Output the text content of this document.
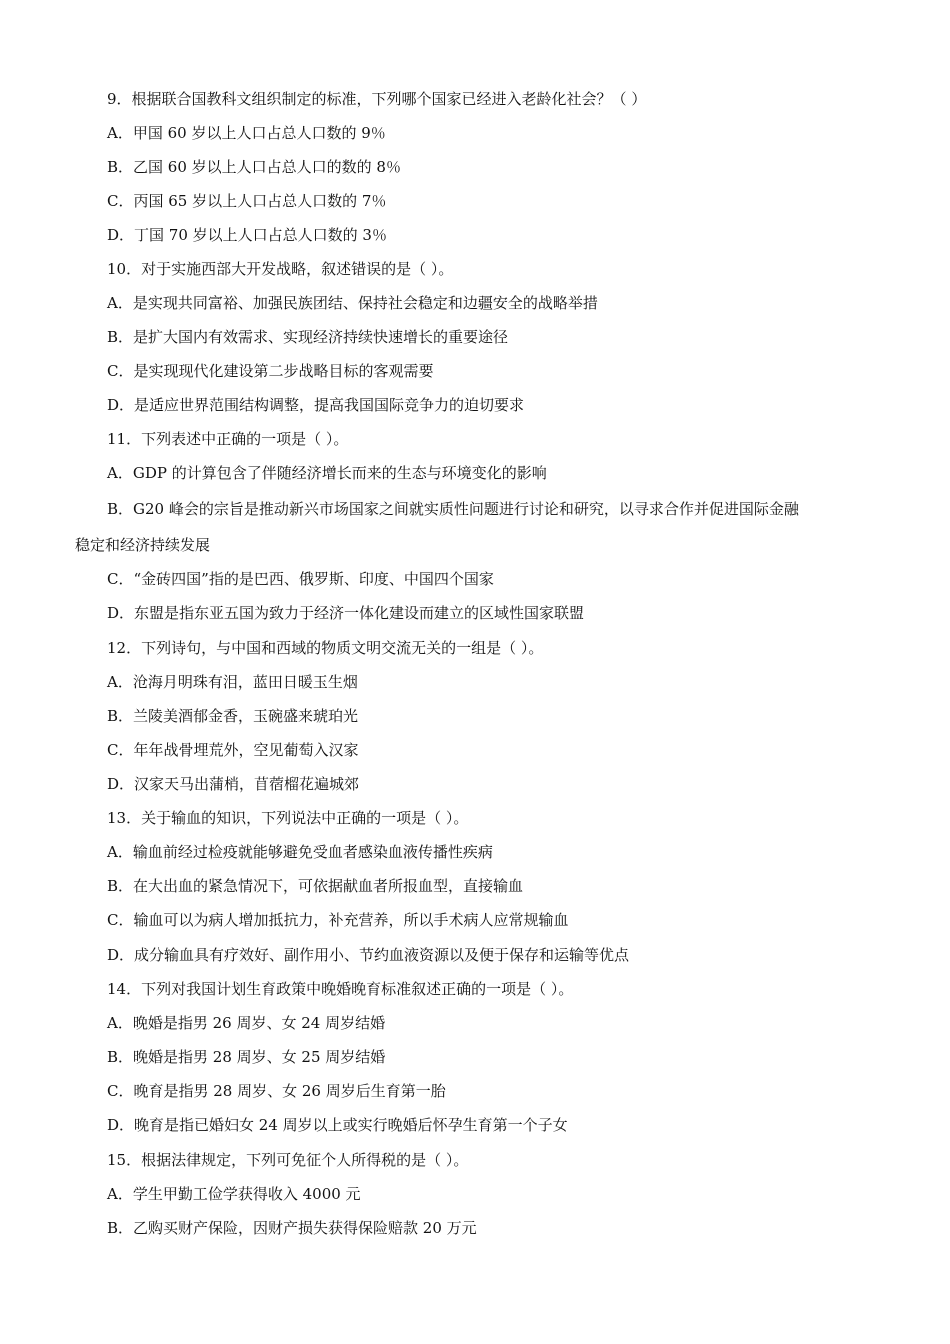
9．根据联合国教科文组织制定的标准，下列哪个国家已经进入老龄化社会？（ ）
A．甲国 60 岁以上人口占总人口数的 9％
B．乙国 60 岁以上人口占总人口的数的 8％
C．丙国 65 岁以上人口占总人口数的 7％
D．丁国 70 岁以上人口占总人口数的 3％
10．对于实施西部大开发战略，叙述错误的是（ ）。
A．是实现共同富裕、加强民族团结、保持社会稳定和边疆安全的战略举措
B．是扩大国内有效需求、实现经济持续快速增长的重要途径
C．是实现现代化建设第二步战略目标的客观需要
D．是适应世界范围结构调整，提高我国国际竞争力的迫切要求
11．下列表述中正确的一项是（ ）。
A．GDP 的计算包含了伴随经济增长而来的生态与环境变化的影响
B．G20 峰会的宗旨是推动新兴市场国家之间就实质性问题进行讨论和研究，以寻求合作并促进国际金融
稳定和经济持续发展
C．“金砖四国”指的是巴西、俄罗斯、印度、中国四个国家
D．东盟是指东亚五国为致力于经济一体化建设而建立的区域性国家联盟
12．下列诗句，与中国和西域的物质文明交流无关的一组是（ ）。
A．沧海月明珠有泪，蓝田日暖玉生烟
B．兰陵美酒郁金香，玉碗盛来琥珀光
C．年年战骨埋荒外，空见葡萄入汉家
D．汉家天马出蒲梢，苜蓿榴花遍城郊
13．关于输血的知识，下列说法中正确的一项是（ ）。
A．输血前经过检疫就能够避免受血者感染血液传播性疾病
B．在大出血的紧急情况下，可依据献血者所报血型，直接输血
C．输血可以为病人增加抵抗力，补充营养，所以手术病人应常规输血
D．成分输血具有疗效好、副作用小、节约血液资源以及便于保存和运输等优点
14．下列对我国计划生育政策中晚婚晚育标准叙述正确的一项是（ ）。
A．晚婚是指男 26 周岁、女 24 周岁结婚
B．晚婚是指男 28 周岁、女 25 周岁结婚
C．晚育是指男 28 周岁、女 26 周岁后生育第一胎
D．晚育是指已婚妇女 24 周岁以上或实行晚婚后怀孕生育第一个子女
15．根据法律规定，下列可免征个人所得税的是（ ）。
A．学生甲勤工俭学获得收入 4000 元
B．乙购买财产保险，因财产损失获得保险赔款 20 万元
